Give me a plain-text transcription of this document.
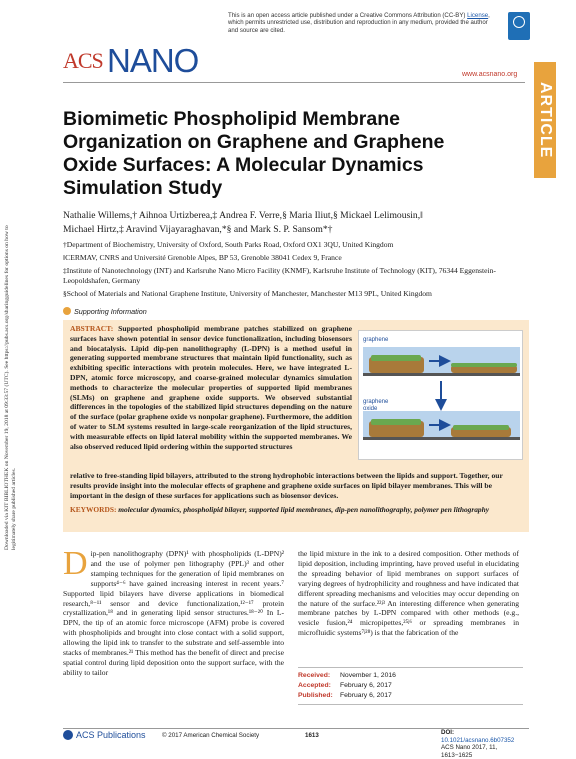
Downloaded via KIT BIBLIOTHEK on November 19, 2018 at 09:33:57 (UTC). See https://pubs.acs.org/sharingguidelines for options on how to legitimately share published articles.
This is an open access article published under a Creative Commons Attribution (CC-BY) License, which permits unrestricted use, distribution and reproduction in any medium, provided the author and source are cited.
ACS NANO	www.acsnano.org
ARTICLE
Biomimetic Phospholipid Membrane Organization on Graphene and Graphene Oxide Surfaces: A Molecular Dynamics Simulation Study
Nathalie Willems,† Aihnoa Urtizberea,‡ Andrea F. Verre,§ Maria Iliut,§ Mickael Lelimousin,‖
Michael Hirtz,‡ Aravind Vijayaraghavan,*§ and Mark S. P. Sansom*†
†Department of Biochemistry, University of Oxford, South Parks Road, Oxford OX1 3QU, United Kingdom
‖CERMAV, CNRS and Université Grenoble Alpes, BP 53, Grenoble 38041 Cedex 9, France
‡Institute of Nanotechnology (INT) and Karlsruhe Nano Micro Facility (KNMF), Karlsruhe Institute of Technology (KIT), 76344 Eggenstein-Leopoldshafen, Germany
§School of Materials and National Graphene Institute, University of Manchester, Manchester M13 9PL, United Kingdom
Supporting Information

ABSTRACT: Supported phospholipid membrane patches stabilized on graphene surfaces have shown potential in sensor device functionalization, including biosensors and biocatalysis. Lipid dip-pen nanolithography (L-DPN) is a method useful in generating supported membrane structures that maintain lipid functionality, such as exhibiting specific interactions with protein molecules. Here, we have integrated L-DPN, atomic force microscopy, and coarse-grained molecular dynamics simulation methods to characterize the molecular properties of supported lipid membranes (SLMs) on graphene and graphene oxide supports. We observed substantial differences in the topologies of the stabilized lipid structures depending on the nature of the surface (polar graphene oxide vs nonpolar graphene). Furthermore, the addition of water to SLM systems resulted in large-scale reorganization of the lipid structures, with measurable effects on lipid lateral mobility within the supported membranes. We also observed reduced lipid ordering within the supported structures

relative to free-standing lipid bilayers, attributed to the strong hydrophobic interactions between the lipids and support. Together, our results provide insight into the molecular effects of graphene and graphene oxide surfaces on lipid bilayer membranes. This will be important in the design of these surfaces for applications such as biosensor devices.

KEYWORDS: molecular dynamics, phospholipid bilayer, supported lipid membranes, dip-pen nanolithography, polymer pen lithography

graphene
graphene oxide
D ip-pen nanolithography (DPN)¹ with phospholipids (L-DPN)² and the use of polymer pen lithography (PPL)³ and other stamping techniques for the generation of lipid membranes on supports⁴⁻⁶ have gained increasing interest in recent years.⁷ Supported lipid bilayers have diverse applications in biomedical research,⁸⁻¹¹ sensor and device functionalization,¹²⁻¹⁷ protein crystallization,¹⁸ and in generating lipid sensor structures.¹⁸⁻²⁰ In L-DPN, the tip of an atomic force microscope (AFM) probe is covered with phospholipids and brought into close contact with a solid support, allowing the lipid ink to transfer to the substrate and self-assemble into stacks of membranes.²¹ This method has the benefit of direct and precise spatial control during lipid deposition onto the support surface, with the ability to tailor
the lipid mixture in the ink to a desired composition. Other methods of lipid deposition, including imprinting, have proved useful in elucidating the spreading behavior of lipid membranes on support surfaces of varying degrees of hydrophilicity and roughness and have indicated that different spreading mechanisms and velocities may occur depending on the nature of the surface.²²ʲ³ An interesting difference when generating membrane patches by L-DPN compared with other methods (e.g., vesicle fusion,²⁴ micropipettes,²⁵ʲ⁶ or spreading membranes in microfluidic systems⁷ʲ²⁸) is that the fabrication of the
Received: November 1, 2016
Accepted: February 6, 2017
Published: February 6, 2017
ACS Publications	© 2017 American Chemical Society	1613	DOI: 10.1021/acsnano.6b07352
ACS Nano 2017, 11, 1613−1625
